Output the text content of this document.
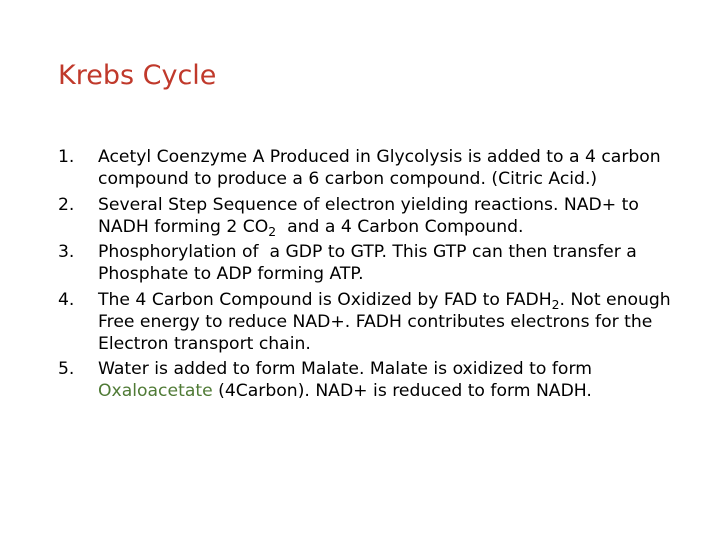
Krebs Cycle
1.	Acetyl Coenzyme A Produced in Glycolysis is added to a 4 carbon
compound to produce a 6 carbon compound. (Citric Acid.)
2.	Several Step Sequence of electron yielding reactions. NAD+ to
NADH forming 2 $CO_2$  and a 4 Carbon Compound.
3.	Phosphorylation of  a GDP to GTP. This GTP can then transfer a
Phosphate to ADP forming ATP.
4.	The 4 Carbon Compound is Oxidized by FAD to $FADH_2$. Not enough
Free energy to reduce NAD+. FADH contributes electrons for the
Electron transport chain.
5.	Water is added to form Malate. Malate is oxidized to form
Oxaloacetate (4Carbon). NAD+ is reduced to form NADH.
